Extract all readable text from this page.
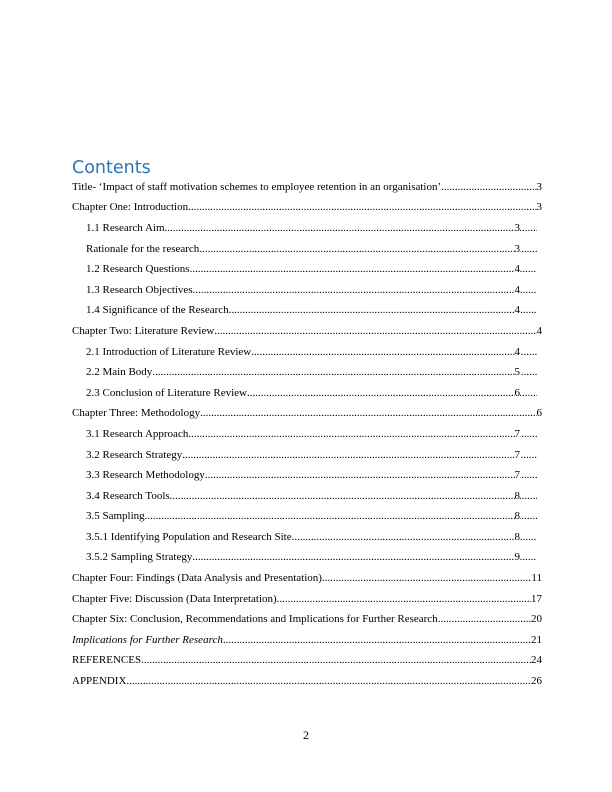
Contents
Title- ‘Impact of staff motivation schemes to employee retention in an organisation’ .....	3
Chapter One: Introduction .....	3
1.1 Research Aim .....	3
Rationale for the research .....	3
1.2 Research Questions .....	4
1.3 Research Objectives .....	4
1.4 Significance of the Research .....	4
Chapter Two: Literature Review .....	4
2.1 Introduction of Literature Review .....	4
2.2 Main Body .....	5
2.3 Conclusion of Literature Review .....	6
Chapter Three: Methodology .....	6
3.1 Research Approach .....	7
3.2 Research Strategy .....	7
3.3 Research Methodology .....	7
3.4 Research Tools .....	8
3.5 Sampling .....	8
3.5.1 Identifying Population and Research Site .....	8
3.5.2 Sampling Strategy .....	9
Chapter Four: Findings (Data Analysis and Presentation) .....	11
Chapter Five: Discussion (Data Interpretation) .....	17
Chapter Six: Conclusion, Recommendations and Implications for Further Research .....	20
Implications for Further Research .....	21
REFERENCES .....	24
APPENDIX .....	26
2
